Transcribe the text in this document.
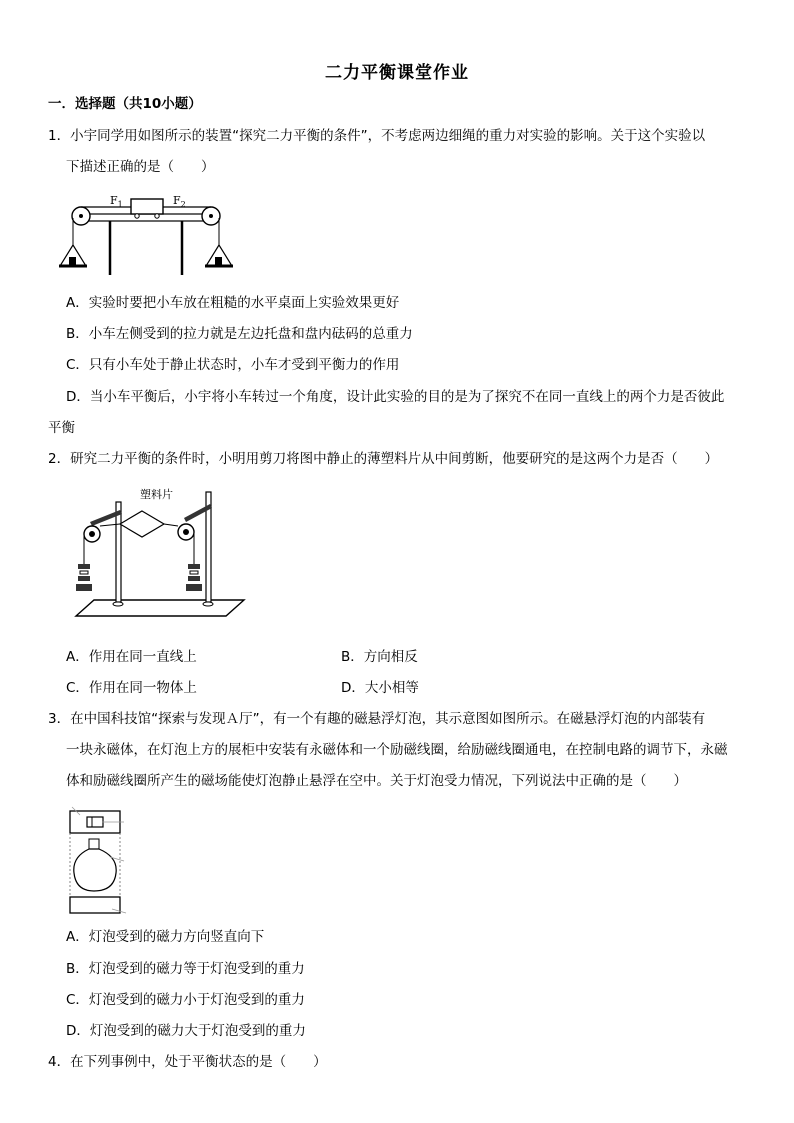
二力平衡课堂作业
一．选择题（共10小题）
1．小宇同学用如图所示的装置“探究二力平衡的条件”，不考虑两边细绳的重力对实验的影响。关于这个实验以
下描述正确的是（　　）
$F_1$	$F_2$
A．实验时要把小车放在粗糙的水平桌面上实验效果更好
B．小车左侧受到的拉力就是左边托盘和盘内砝码的总重力
C．只有小车处于静止状态时，小车才受到平衡力的作用
D．当小车平衡后，小宇将小车转过一个角度，设计此实验的目的是为了探究不在同一直线上的两个力是否彼此
平衡
2．研究二力平衡的条件时，小明用剪刀将图中静止的薄塑料片从中间剪断，他要研究的是这两个力是否（　　）
塑料片
A．作用在同一直线上	B．方向相反
C．作用在同一物体上	D．大小相等
3．在中国科技馆“探索与发现Ａ厅”，有一个有趣的磁悬浮灯泡，其示意图如图所示。在磁悬浮灯泡的内部装有
一块永磁体，在灯泡上方的展柜中安装有永磁体和一个励磁线圈，给励磁线圈通电，在控制电路的调节下，永磁
体和励磁线圈所产生的磁场能使灯泡静止悬浮在空中。关于灯泡受力情况，下列说法中正确的是（　　）
A．灯泡受到的磁力方向竖直向下
B．灯泡受到的磁力等于灯泡受到的重力
C．灯泡受到的磁力小于灯泡受到的重力
D．灯泡受到的磁力大于灯泡受到的重力
4．在下列事例中，处于平衡状态的是（　　）
